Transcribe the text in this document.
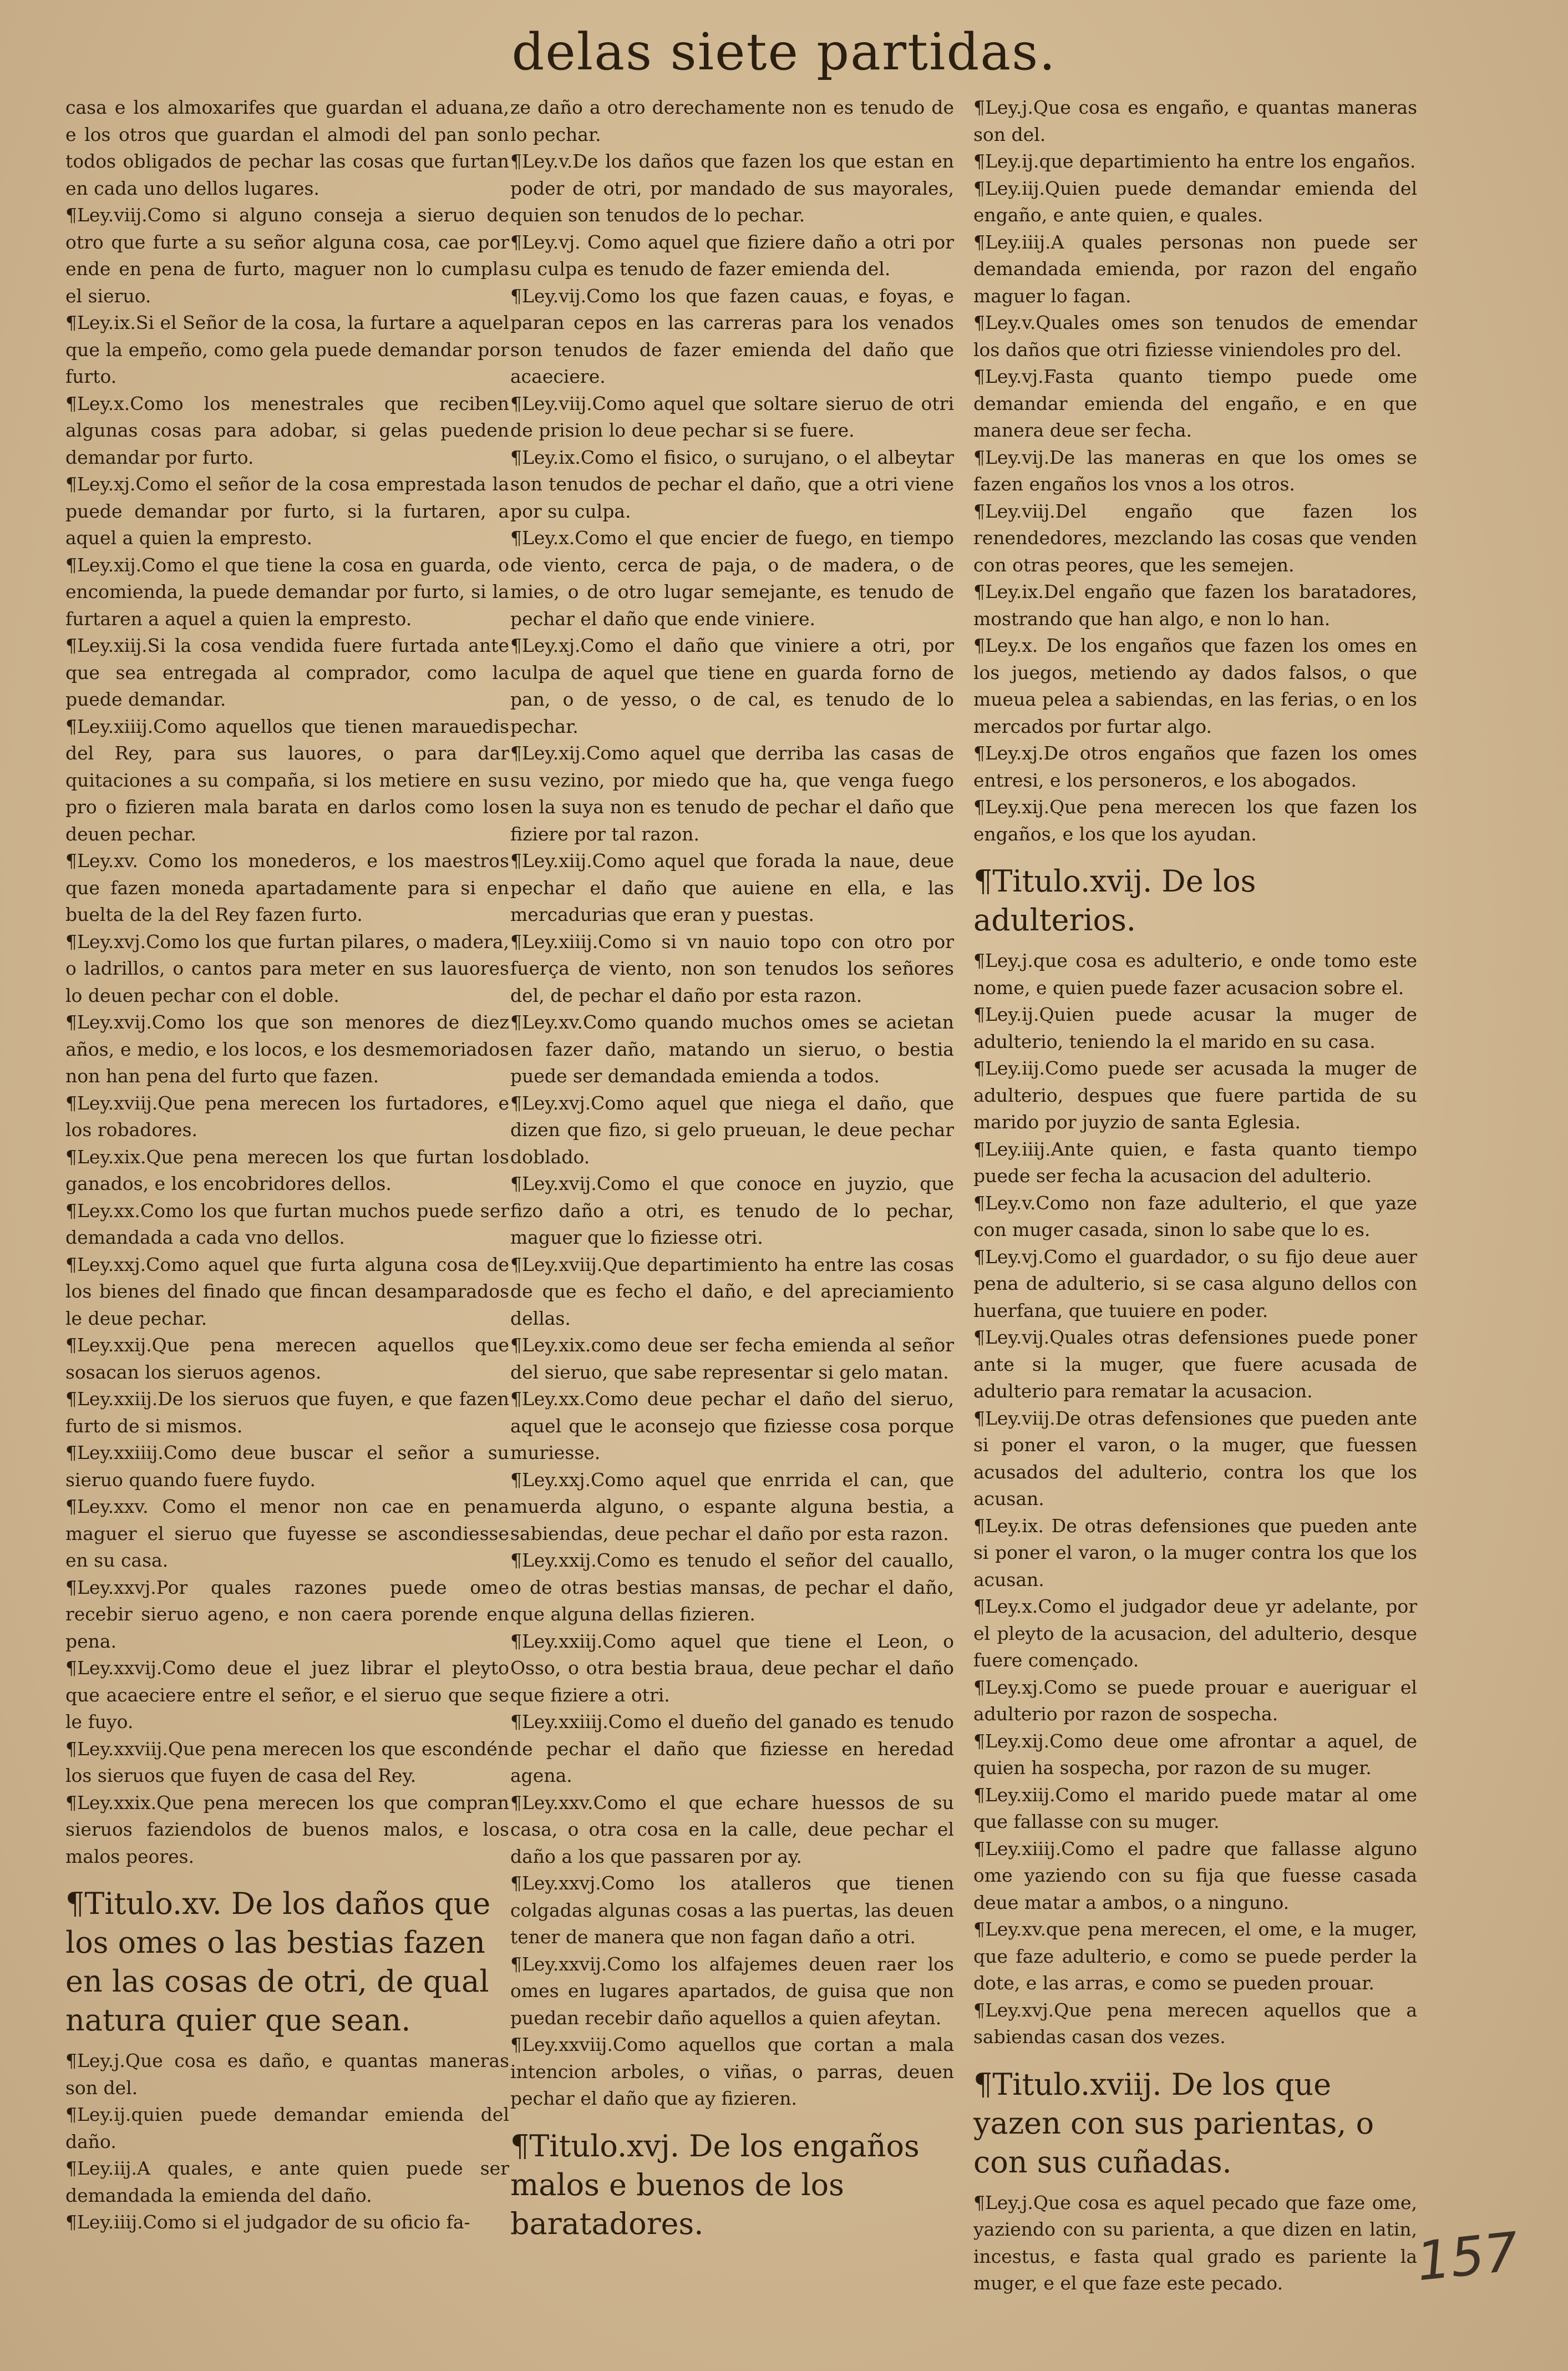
delas siete partidas.
casa e los almoxarifes que guardan el aduana, e los otros que guardan el almodi del pan son todos obligados de pechar las cosas que furtan en cada uno dellos lugares.
¶Ley.viij.Como si alguno conseja a sieruo de otro que furte a su señor alguna cosa, cae por ende en pena de furto, maguer non lo cumpla el sieruo.
¶Ley.ix.Si el Señor de la cosa, la furtare a aquel que la empeño, como gela puede demandar por furto.
¶Ley.x.Como los menestrales que reciben algunas cosas para adobar, si gelas pueden demandar por furto.
¶Ley.xj.Como el señor de la cosa emprestada la puede demandar por furto, si la furtaren, a aquel a quien la empresto.
¶Ley.xij.Como el que tiene la cosa en guarda, o encomienda, la puede demandar por furto, si la furtaren a aquel a quien la empresto.
¶Ley.xiij.Si la cosa vendida fuere furtada ante que sea entregada al comprador, como la puede demandar.
¶Ley.xiiij.Como aquellos que tienen marauedis del Rey, para sus lauores, o para dar quitaciones a su compaña, si los metiere en su pro o fizieren mala barata en darlos como los deuen pechar.
¶Ley.xv. Como los monederos, e los maestros que fazen moneda apartadamente para si en buelta de la del Rey fazen furto.
¶Ley.xvj.Como los que furtan pilares, o madera, o ladrillos, o cantos para meter en sus lauores lo deuen pechar con el doble.
¶Ley.xvij.Como los que son menores de diez años, e medio, e los locos, e los desmemoriados non han pena del furto que fazen.
¶Ley.xviij.Que pena merecen los furtadores, e los robadores.
¶Ley.xix.Que pena merecen los que furtan los ganados, e los encobridores dellos.
¶Ley.xx.Como los que furtan muchos puede ser demandada a cada vno dellos.
¶Ley.xxj.Como aquel que furta alguna cosa de los bienes del finado que fincan desamparados le deue pechar.
¶Ley.xxij.Que pena merecen aquellos que sosacan los sieruos agenos.
¶Ley.xxiij.De los sieruos que fuyen, e que fazen furto de si mismos.
¶Ley.xxiiij.Como deue buscar el señor a su sieruo quando fuere fuydo.
¶Ley.xxv. Como el menor non cae en pena maguer el sieruo que fuyesse se ascondiesse en su casa.
¶Ley.xxvj.Por quales razones puede ome recebir sieruo ageno, e non caera porende en pena.
¶Ley.xxvij.Como deue el juez librar el pleyto que acaeciere entre el señor, e el sieruo que se le fuyo.
¶Ley.xxviij.Que pena merecen los que escondén los sieruos que fuyen de casa del Rey.
¶Ley.xxix.Que pena merecen los que compran sieruos faziendolos de buenos malos, e los malos peores.
¶Titulo.xv. De los daños que los omes o las bestias fazen en las cosas de otri, de qual natura quier que sean.
¶Ley.j.Que cosa es daño, e quantas maneras son del.
¶Ley.ij.quien puede demandar emienda del daño.
¶Ley.iij.A quales, e ante quien puede ser demandada la emienda del daño.
¶Ley.iiij.Como si el judgador de su oficio fa-
ze daño a otro derechamente non es tenudo de lo pechar.
¶Ley.v.De los daños que fazen los que estan en poder de otri, por mandado de sus mayorales, quien son tenudos de lo pechar.
¶Ley.vj. Como aquel que fiziere daño a otri por su culpa es tenudo de fazer emienda del.
¶Ley.vij.Como los que fazen cauas, e foyas, e paran cepos en las carreras para los venados son tenudos de fazer emienda del daño que acaeciere.
¶Ley.viij.Como aquel que soltare sieruo de otri de prision lo deue pechar si se fuere.
¶Ley.ix.Como el fisico, o surujano, o el albeytar son tenudos de pechar el daño, que a otri viene por su culpa.
¶Ley.x.Como el que encier de fuego, en tiempo de viento, cerca de paja, o de madera, o de mies, o de otro lugar semejante, es tenudo de pechar el daño que ende viniere.
¶Ley.xj.Como el daño que viniere a otri, por culpa de aquel que tiene en guarda forno de pan, o de yesso, o de cal, es tenudo de lo pechar.
¶Ley.xij.Como aquel que derriba las casas de su vezino, por miedo que ha, que venga fuego en la suya non es tenudo de pechar el daño que fiziere por tal razon.
¶Ley.xiij.Como aquel que forada la naue, deue pechar el daño que auiene en ella, e las mercadurias que eran y puestas.
¶Ley.xiiij.Como si vn nauio topo con otro por fuerça de viento, non son tenudos los señores del, de pechar el daño por esta razon.
¶Ley.xv.Como quando muchos omes se acietan en fazer daño, matando un sieruo, o bestia puede ser demandada emienda a todos.
¶Ley.xvj.Como aquel que niega el daño, que dizen que fizo, si gelo prueuan, le deue pechar doblado.
¶Ley.xvij.Como el que conoce en juyzio, que fizo daño a otri, es tenudo de lo pechar, maguer que lo fiziesse otri.
¶Ley.xviij.Que departimiento ha entre las cosas de que es fecho el daño, e del apreciamiento dellas.
¶Ley.xix.como deue ser fecha emienda al señor del sieruo, que sabe representar si gelo matan.
¶Ley.xx.Como deue pechar el daño del sieruo, aquel que le aconsejo que fiziesse cosa porque muriesse.
¶Ley.xxj.Como aquel que enrrida el can, que muerda alguno, o espante alguna bestia, a sabiendas, deue pechar el daño por esta razon.
¶Ley.xxij.Como es tenudo el señor del cauallo, o de otras bestias mansas, de pechar el daño, que alguna dellas fizieren.
¶Ley.xxiij.Como aquel que tiene el Leon, o Osso, o otra bestia braua, deue pechar el daño que fiziere a otri.
¶Ley.xxiiij.Como el dueño del ganado es tenudo de pechar el daño que fiziesse en heredad agena.
¶Ley.xxv.Como el que echare huessos de su casa, o otra cosa en la calle, deue pechar el daño a los que passaren por ay.
¶Ley.xxvj.Como los atalleros que tienen colgadas algunas cosas a las puertas, las deuen tener de manera que non fagan daño a otri.
¶Ley.xxvij.Como los alfajemes deuen raer los omes en lugares apartados, de guisa que non puedan recebir daño aquellos a quien afeytan.
¶Ley.xxviij.Como aquellos que cortan a mala intencion arboles, o viñas, o parras, deuen pechar el daño que ay fizieren.
¶Titulo.xvj. De los engaños malos e buenos de los baratadores.
¶Ley.j.Que cosa es engaño, e quantas maneras son del.
¶Ley.ij.que departimiento ha entre los engaños.
¶Ley.iij.Quien puede demandar emienda del engaño, e ante quien, e quales.
¶Ley.iiij.A quales personas non puede ser demandada emienda, por razon del engaño maguer lo fagan.
¶Ley.v.Quales omes son tenudos de emendar los daños que otri fiziesse viniendoles pro del.
¶Ley.vj.Fasta quanto tiempo puede ome demandar emienda del engaño, e en que manera deue ser fecha.
¶Ley.vij.De las maneras en que los omes se fazen engaños los vnos a los otros.
¶Ley.viij.Del engaño que fazen los renendedores, mezclando las cosas que venden con otras peores, que les semejen.
¶Ley.ix.Del engaño que fazen los baratadores, mostrando que han algo, e non lo han.
¶Ley.x. De los engaños que fazen los omes en los juegos, metiendo ay dados falsos, o que mueua pelea a sabiendas, en las ferias, o en los mercados por furtar algo.
¶Ley.xj.De otros engaños que fazen los omes entresi, e los personeros, e los abogados.
¶Ley.xij.Que pena merecen los que fazen los engaños, e los que los ayudan.
¶Titulo.xvij. De los adulterios.
¶Ley.j.que cosa es adulterio, e onde tomo este nome, e quien puede fazer acusacion sobre el.
¶Ley.ij.Quien puede acusar la muger de adulterio, teniendo la el marido en su casa.
¶Ley.iij.Como puede ser acusada la muger de adulterio, despues que fuere partida de su marido por juyzio de santa Eglesia.
¶Ley.iiij.Ante quien, e fasta quanto tiempo puede ser fecha la acusacion del adulterio.
¶Ley.v.Como non faze adulterio, el que yaze con muger casada, sinon lo sabe que lo es.
¶Ley.vj.Como el guardador, o su fijo deue auer pena de adulterio, si se casa alguno dellos con huerfana, que tuuiere en poder.
¶Ley.vij.Quales otras defensiones puede poner ante si la muger, que fuere acusada de adulterio para rematar la acusacion.
¶Ley.viij.De otras defensiones que pueden ante si poner el varon, o la muger, que fuessen acusados del adulterio, contra los que los acusan.
¶Ley.ix. De otras defensiones que pueden ante si poner el varon, o la muger contra los que los acusan.
¶Ley.x.Como el judgador deue yr adelante, por el pleyto de la acusacion, del adulterio, desque fuere començado.
¶Ley.xj.Como se puede prouar e aueriguar el adulterio por razon de sospecha.
¶Ley.xij.Como deue ome afrontar a aquel, de quien ha sospecha, por razon de su muger.
¶Ley.xiij.Como el marido puede matar al ome que fallasse con su muger.
¶Ley.xiiij.Como el padre que fallasse alguno ome yaziendo con su fija que fuesse casada deue matar a ambos, o a ninguno.
¶Ley.xv.que pena merecen, el ome, e la muger, que faze adulterio, e como se puede perder la dote, e las arras, e como se pueden prouar.
¶Ley.xvj.Que pena merecen aquellos que a sabiendas casan dos vezes.
¶Titulo.xviij. De los que yazen con sus parientas, o con sus cuñadas.
¶Ley.j.Que cosa es aquel pecado que faze ome, yaziendo con su parienta, a que dizen en latin, incestus, e fasta qual grado es pariente la muger, e el que faze este pecado.	157
